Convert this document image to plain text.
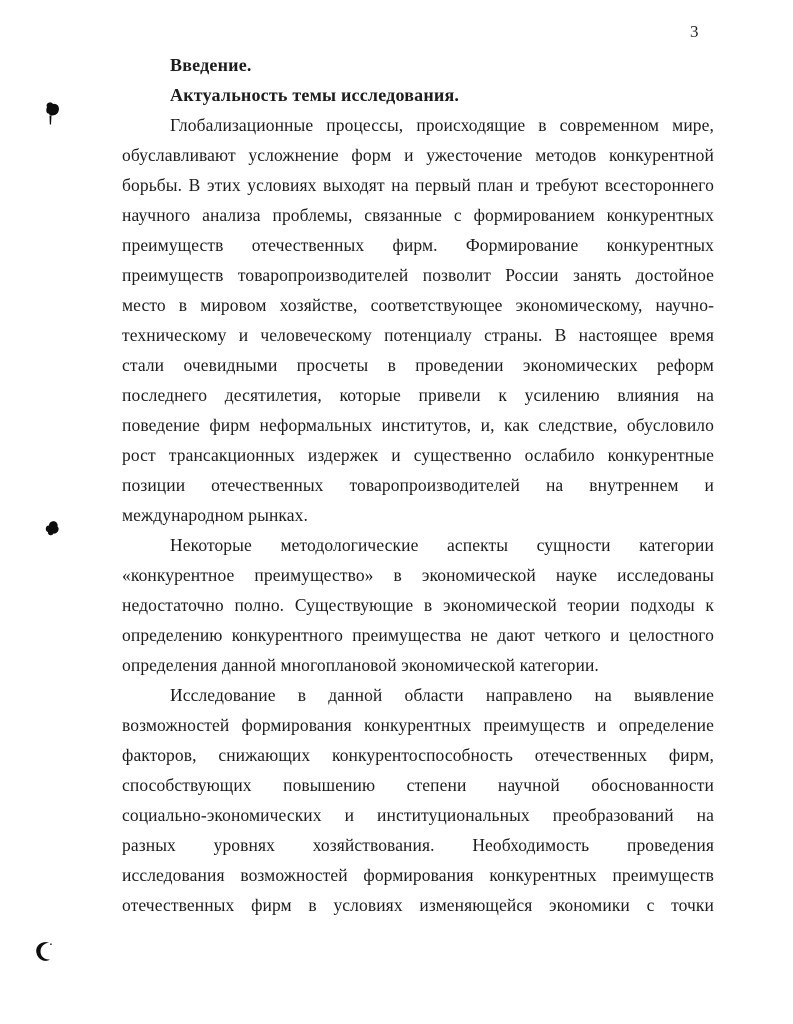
3
Введение.
Актуальность темы исследования.
Глобализационные процессы, происходящие в современном мире,
обуславливают усложнение форм и ужесточение методов конкурентной
борьбы. В этих условиях выходят на первый план и требуют всестороннего
научного анализа проблемы, связанные с формированием конкурентных
преимуществ отечественных фирм. Формирование конкурентных
преимуществ товаропроизводителей позволит России занять достойное
место в мировом хозяйстве, соответствующее экономическому, научно-
техническому и человеческому потенциалу страны. В настоящее время
стали очевидными просчеты в проведении экономических реформ
последнего десятилетия, которые привели к усилению влияния на
поведение фирм неформальных институтов, и, как следствие, обусловило
рост трансакционных издержек и существенно ослабило конкурентные
позиции отечественных товаропроизводителей на внутреннем и
международном рынках.
Некоторые методологические аспекты сущности категории
«конкурентное преимущество» в экономической науке исследованы
недостаточно полно. Существующие в экономической теории подходы к
определению конкурентного преимущества не дают четкого и целостного
определения данной многоплановой экономической категории.
Исследование в данной области направлено на выявление
возможностей формирования конкурентных преимуществ и определение
факторов, снижающих конкурентоспособность отечественных фирм,
способствующих повышению степени научной обоснованности
социально-экономических и институциональных преобразований на
разных уровнях хозяйствования. Необходимость проведения
исследования возможностей формирования конкурентных преимуществ
отечественных фирм в условиях изменяющейся экономики с точки
